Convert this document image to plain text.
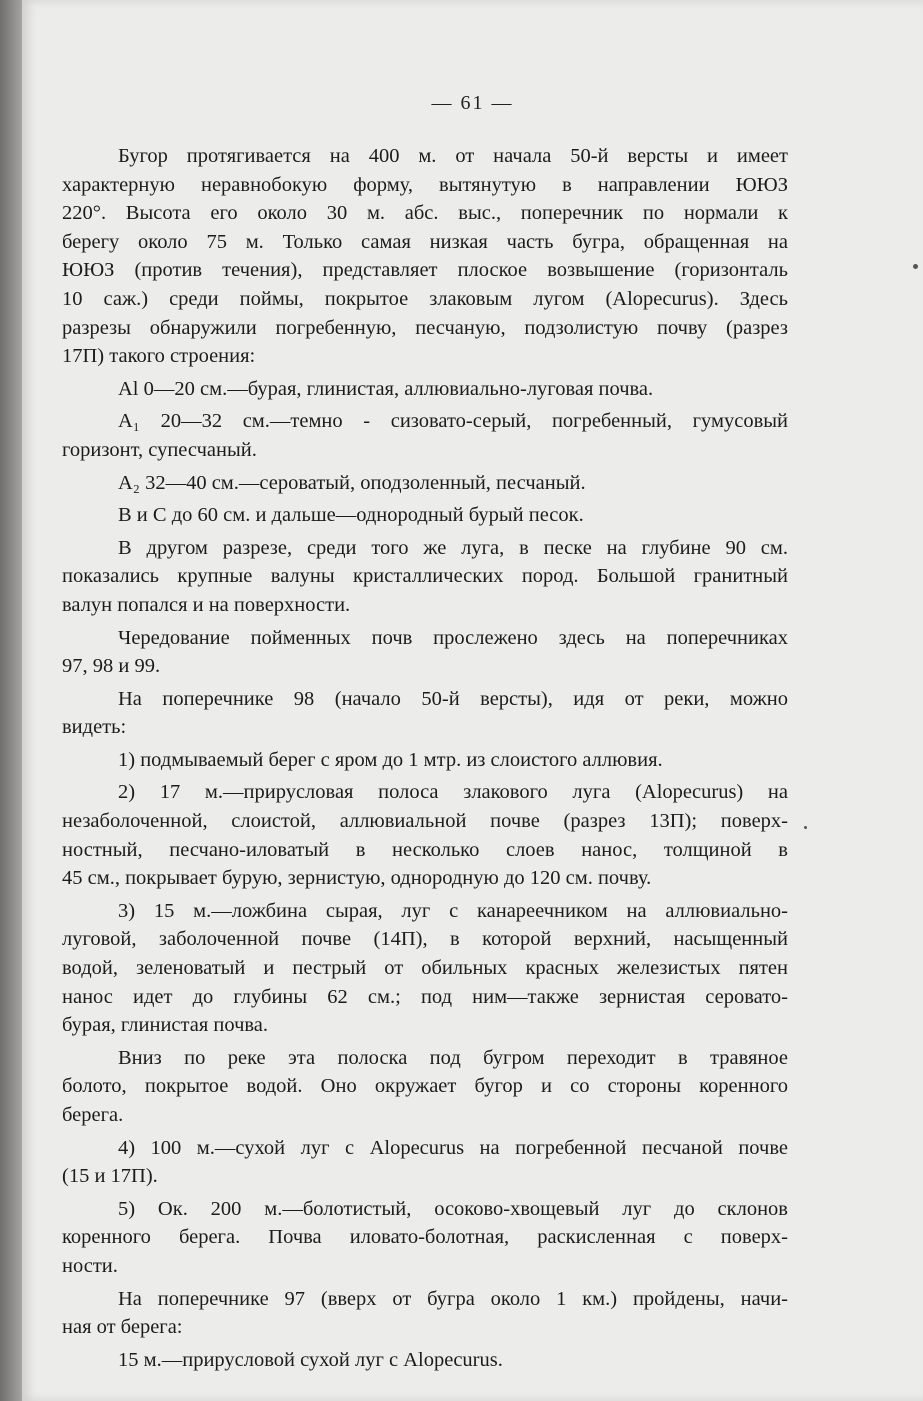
— 61 —
Бугор протягивается на 400 м. от начала 50-й версты и имеет
характерную неравнобокую форму, вытянутую в направлении ЮЮЗ
220°. Высота его около 30 м. абс. выс., поперечник по нормали к
берегу около 75 м. Только самая низкая часть бугра, обращенная на
ЮЮЗ (против течения), представляет плоское возвышение (горизонталь
10 саж.) среди поймы, покрытое злаковым лугом (Alopecurus). Здесь
разрезы обнаружили погребенную, песчаную, подзолистую почву (разрез
17П) такого строения:
Al 0—20 см.—бурая, глинистая, аллювиально-луговая почва.
A₁ 20—32 см.—темно - сизовато-серый, погребенный, гумусовый
горизонт, супесчаный.
A₂ 32—40 см.—сероватый, оподзоленный, песчаный.
В и С до 60 см. и дальше—однородный бурый песок.
В другом разрезе, среди того же луга, в песке на глубине 90 см.
показались крупные валуны кристаллических пород. Большой гранитный
валун попался и на поверхности.
Чередование пойменных почв прослежено здесь на поперечниках
97, 98 и 99.
На поперечнике 98 (начало 50-й версты), идя от реки, можно
видеть:
1) подмываемый берег с яром до 1 мтр. из слоистого аллювия.
2) 17 м.—прирусловая полоса злакового луга (Alopecurus) на
незаболоченной, слоистой, аллювиальной почве (разрез 13П); поверх-
ностный, песчано-иловатый в несколько слоев нанос, толщиной в
45 см., покрывает бурую, зернистую, однородную до 120 см. почву.
3) 15 м.—ложбина сырая, луг с канареечником на аллювиально-
луговой, заболоченной почве (14П), в которой верхний, насыщенный
водой, зеленоватый и пестрый от обильных красных железистых пятен
нанос идет до глубины 62 см.; под ним—также зернистая серовато-
бурая, глинистая почва.
Вниз по реке эта полоска под бугром переходит в травяное
болото, покрытое водой. Оно окружает бугор и со стороны коренного
берега.
4) 100 м.—сухой луг с Alopecurus на погребенной песчаной почве
(15 и 17П).
5) Ок. 200 м.—болотистый, осоково-хвощевый луг до склонов
коренного берега. Почва иловато-болотная, раскисленная с поверх-
ности.
На поперечнике 97 (вверх от бугра около 1 км.) пройдены, начи-
ная от берега:
15 м.—прирусловой сухой луг с Alopecurus.
